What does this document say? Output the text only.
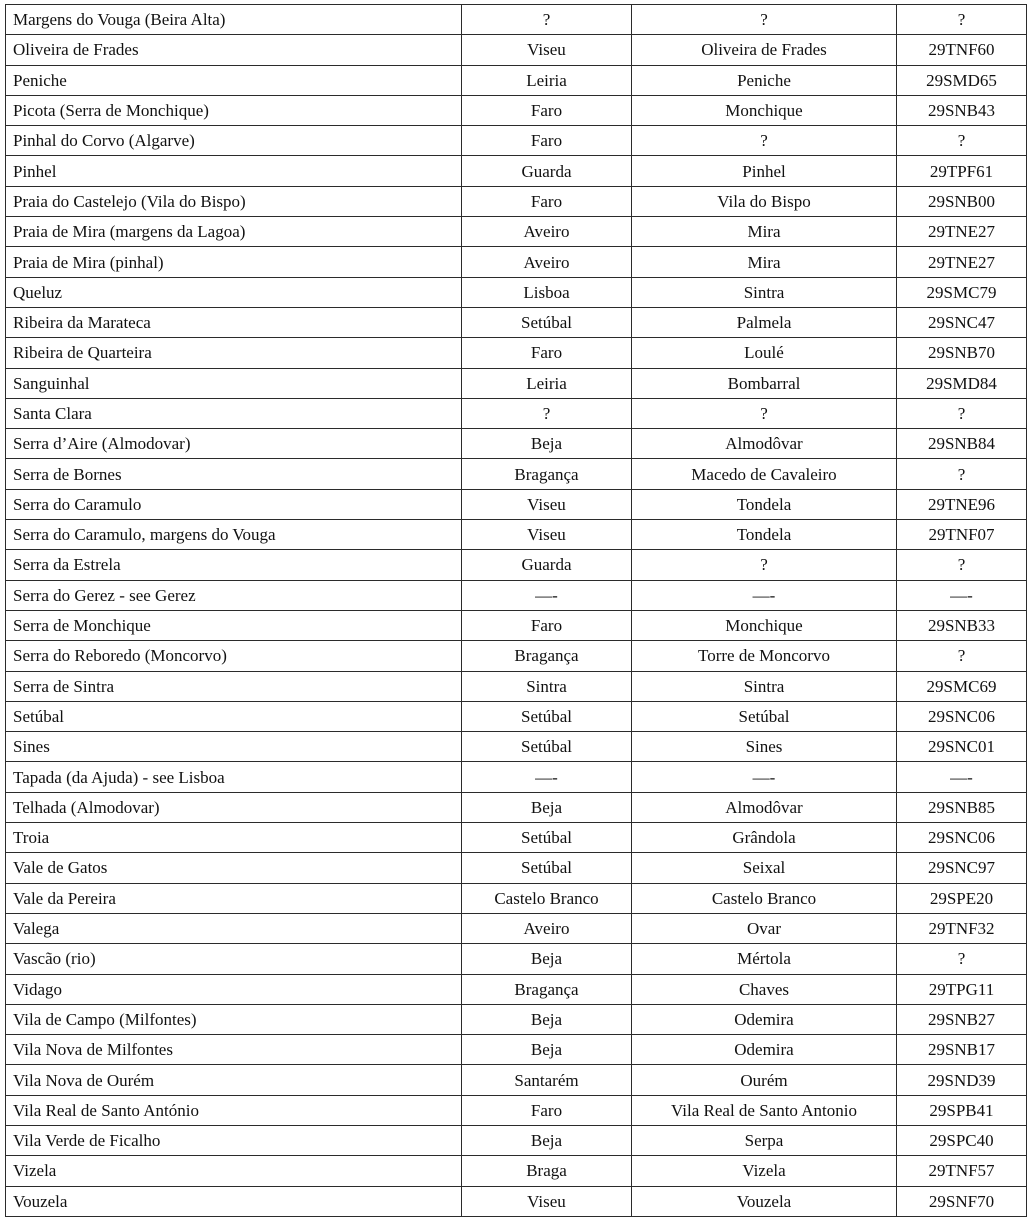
Margens do Vouga (Beira Alta)	?	?	?
Oliveira de Frades	Viseu	Oliveira de Frades	29TNF60
Peniche	Leiria	Peniche	29SMD65
Picota (Serra de Monchique)	Faro	Monchique	29SNB43
Pinhal do Corvo (Algarve)	Faro	?	?
Pinhel	Guarda	Pinhel	29TPF61
Praia do Castelejo (Vila do Bispo)	Faro	Vila do Bispo	29SNB00
Praia de Mira (margens da Lagoa)	Aveiro	Mira	29TNE27
Praia de Mira (pinhal)	Aveiro	Mira	29TNE27
Queluz	Lisboa	Sintra	29SMC79
Ribeira da Marateca	Setúbal	Palmela	29SNC47
Ribeira de Quarteira	Faro	Loulé	29SNB70
Sanguinhal	Leiria	Bombarral	29SMD84
Santa Clara	?	?	?
Serra d’Aire (Almodovar)	Beja	Almodôvar	29SNB84
Serra de Bornes	Bragança	Macedo de Cavaleiro	?
Serra do Caramulo	Viseu	Tondela	29TNE96
Serra do Caramulo, margens do Vouga	Viseu	Tondela	29TNF07
Serra da Estrela	Guarda	?	?
Serra do Gerez - see Gerez	—-	—-	—-
Serra de Monchique	Faro	Monchique	29SNB33
Serra do Reboredo (Moncorvo)	Bragança	Torre de Moncorvo	?
Serra de Sintra	Sintra	Sintra	29SMC69
Setúbal	Setúbal	Setúbal	29SNC06
Sines	Setúbal	Sines	29SNC01
Tapada (da Ajuda) - see Lisboa	—-	—-	—-
Telhada (Almodovar)	Beja	Almodôvar	29SNB85
Troia	Setúbal	Grândola	29SNC06
Vale de Gatos	Setúbal	Seixal	29SNC97
Vale da Pereira	Castelo Branco	Castelo Branco	29SPE20
Valega	Aveiro	Ovar	29TNF32
Vascão (rio)	Beja	Mértola	?
Vidago	Bragança	Chaves	29TPG11
Vila de Campo (Milfontes)	Beja	Odemira	29SNB27
Vila Nova de Milfontes	Beja	Odemira	29SNB17
Vila Nova de Ourém	Santarém	Ourém	29SND39
Vila Real de Santo António	Faro	Vila Real de Santo Antonio	29SPB41
Vila Verde de Ficalho	Beja	Serpa	29SPC40
Vizela	Braga	Vizela	29TNF57
Vouzela	Viseu	Vouzela	29SNF70
